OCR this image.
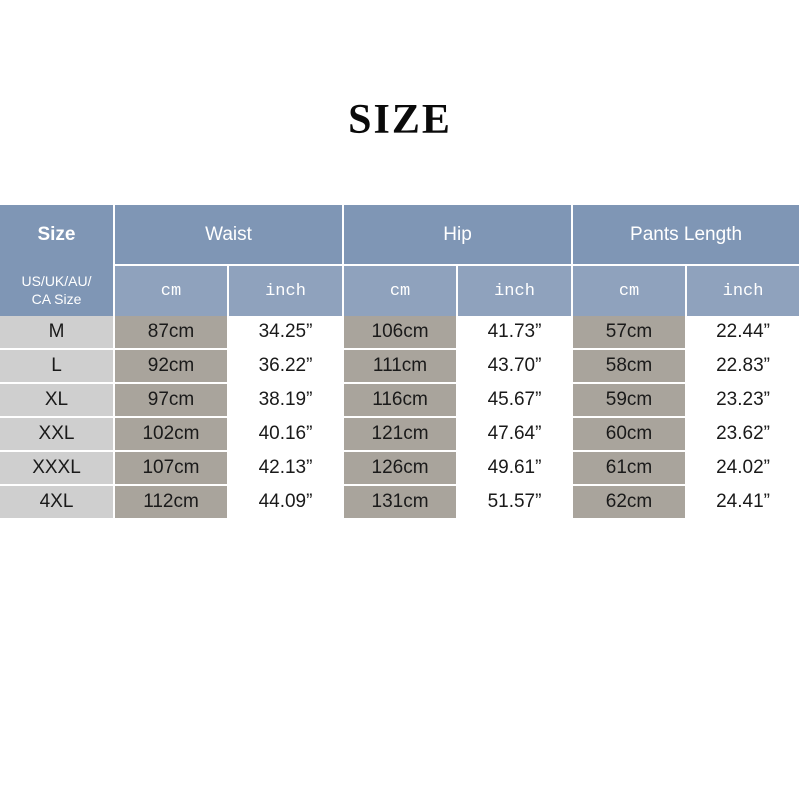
SIZE
Size	Waist		Hip		Pants Length	

US/UK/AU/
CA Size	cm	inch	cm	inch	cm	inch
M	87cm	34.25”	106cm	41.73”	57cm	22.44”
L	92cm	36.22”	111cm	43.70”	58cm	22.83”
XL	97cm	38.19”	116cm	45.67”	59cm	23.23”
XXL	102cm	40.16”	121cm	47.64”	60cm	23.62”
XXXL	107cm	42.13”	126cm	49.61”	61cm	24.02”
4XL	112cm	44.09”	131cm	51.57”	62cm	24.41”
